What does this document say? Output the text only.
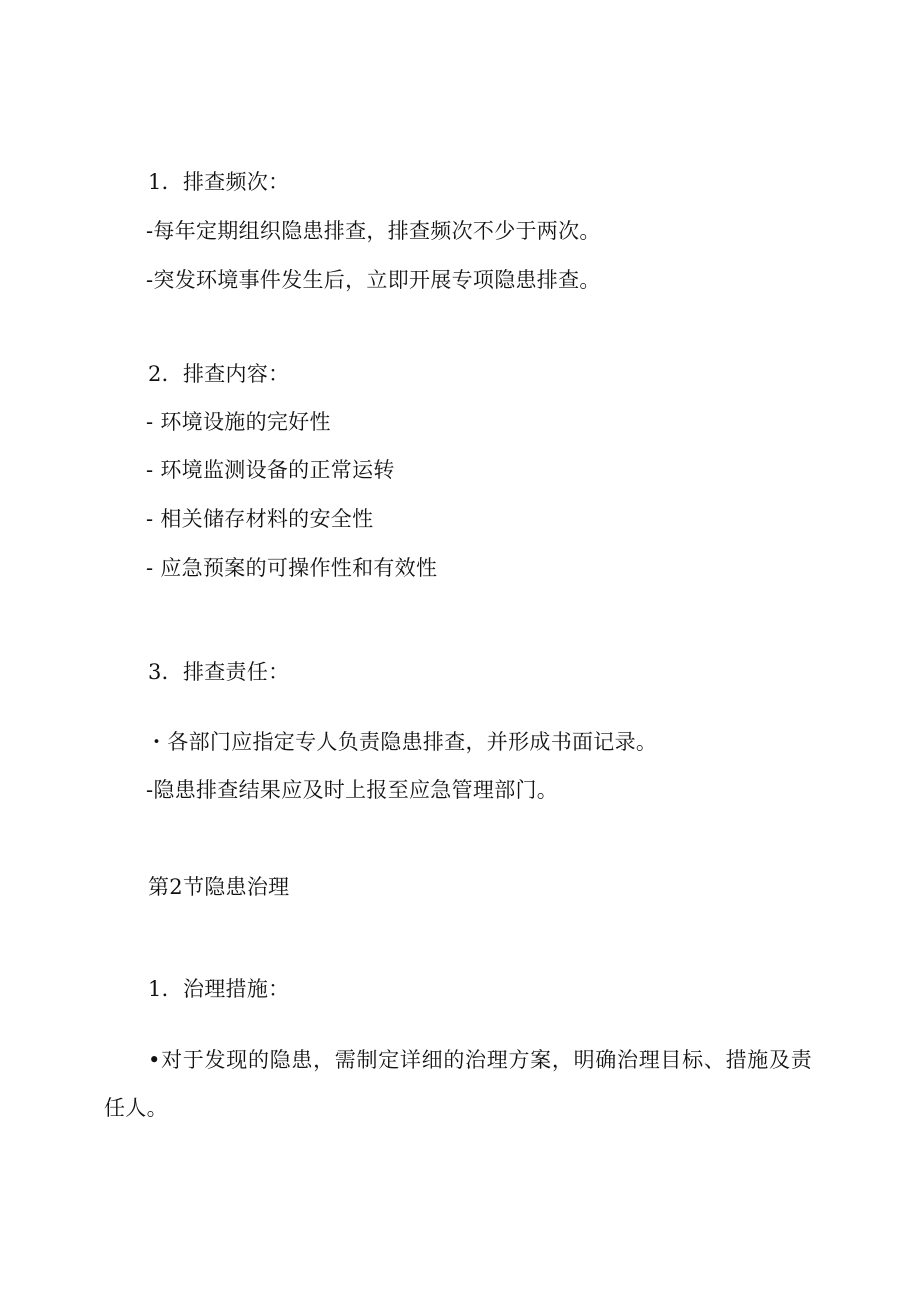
1．排查频次：
-每年定期组织隐患排查，排查频次不少于两次。
-突发环境事件发生后，立即开展专项隐患排查。
2．排查内容：
- 环境设施的完好性
- 环境监测设备的正常运转
- 相关储存材料的安全性
- 应急预案的可操作性和有效性
3．排查责任：
・各部门应指定专人负责隐患排查，并形成书面记录。
-隐患排查结果应及时上报至应急管理部门。
第2节隐患治理
1．治理措施：
•对于发现的隐患，需制定详细的治理方案，明确治理目标、措施及责任人。
